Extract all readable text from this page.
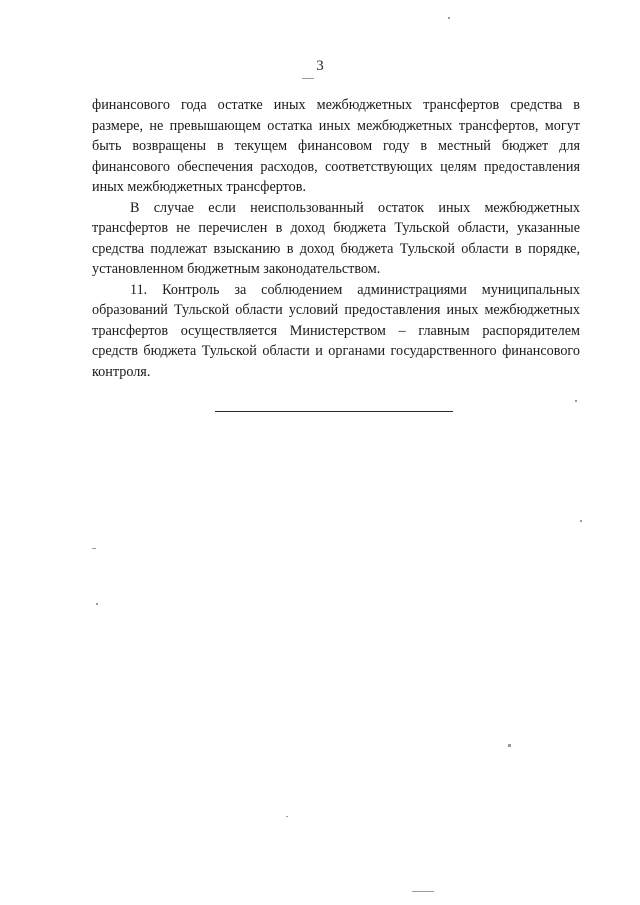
3

финансового года остатке иных межбюджетных трансфертов средства в размере, не превышающем остатка иных межбюджетных трансфертов, могут быть возвращены в текущем финансовом году в местный бюджет для финансового обеспечения расходов, соответствующих целям предоставления иных межбюджетных трансфертов.

В случае если неиспользованный остаток иных межбюджетных трансфертов не перечислен в доход бюджета Тульской области, указанные средства подлежат взысканию в доход бюджета Тульской области в порядке, установленном бюджетным законодательством.

11. Контроль за соблюдением администрациями муниципальных образований Тульской области условий предоставления иных межбюджетных трансфертов осуществляется Министерством – главным распорядителем средств бюджета Тульской области и органами государственного финансового контроля.
